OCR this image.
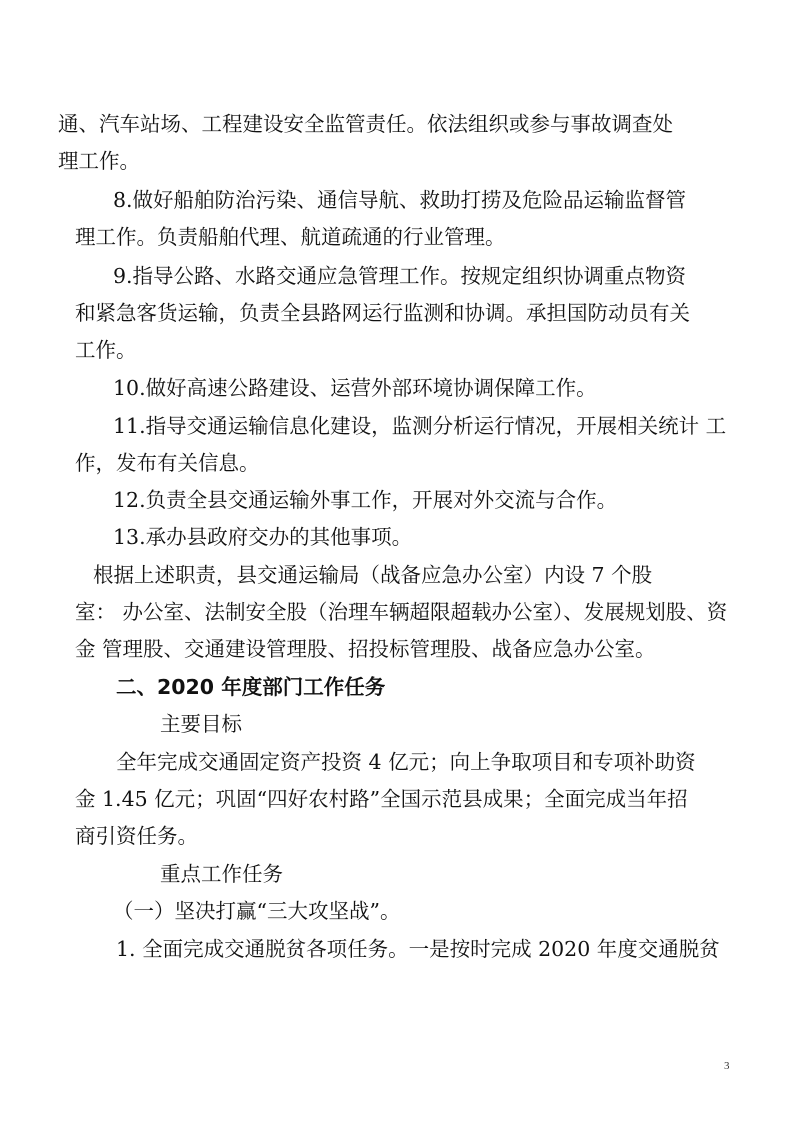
通、汽车站场、工程建设安全监管责任。依法组织或参与事故调查处
理工作。
8.做好船舶防治污染、通信导航、救助打捞及危险品运输监督管
理工作。负责船舶代理、航道疏通的行业管理。
9.指导公路、水路交通应急管理工作。按规定组织协调重点物资
和紧急客货运输，负责全县路网运行监测和协调。承担国防动员有关
工作。
10.做好高速公路建设、运营外部环境协调保障工作。
11.指导交通运输信息化建设，监测分析运行情况，开展相关统计 工
作，发布有关信息。
12.负责全县交通运输外事工作，开展对外交流与合作。
13.承办县政府交办的其他事项。
根据上述职责，县交通运输局（战备应急办公室）内设 7 个股
室： 办公室、法制安全股（治理车辆超限超载办公室）、发展规划股、资
金 管理股、交通建设管理股、招投标管理股、战备应急办公室。
二、2020 年度部门工作任务
主要目标
全年完成交通固定资产投资 4 亿元；向上争取项目和专项补助资
金 1.45 亿元；巩固“四好农村路”全国示范县成果；全面完成当年招
商引资任务。
重点工作任务
（一）坚决打赢“三大攻坚战”。
1. 全面完成交通脱贫各项任务。一是按时完成 2020 年度交通脱贫
3
